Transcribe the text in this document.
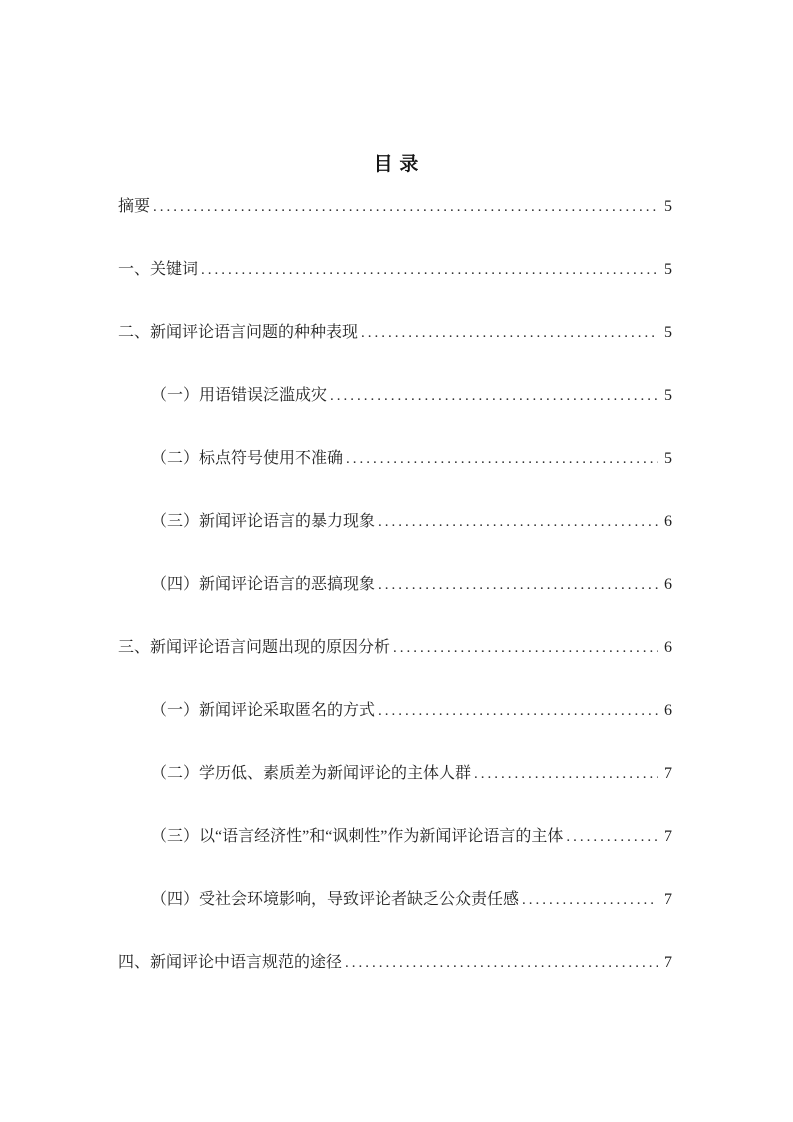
目 录
摘要 .....	5
一、关键词 .....	5
二、新闻评论语言问题的种种表现 .....	5
（一）用语错误泛滥成灾 .....	5
（二）标点符号使用不准确 .....	5
（三）新闻评论语言的暴力现象 .....	6
（四）新闻评论语言的恶搞现象 .....	6
三、新闻评论语言问题出现的原因分析 .....	6
（一）新闻评论采取匿名的方式 .....	6
（二）学历低、素质差为新闻评论的主体人群 .....	7
（三）以“语言经济性”和“讽刺性”作为新闻评论语言的主体 .....	7
（四）受社会环境影响，导致评论者缺乏公众责任感 .....	7
四、新闻评论中语言规范的途径 .....	7
